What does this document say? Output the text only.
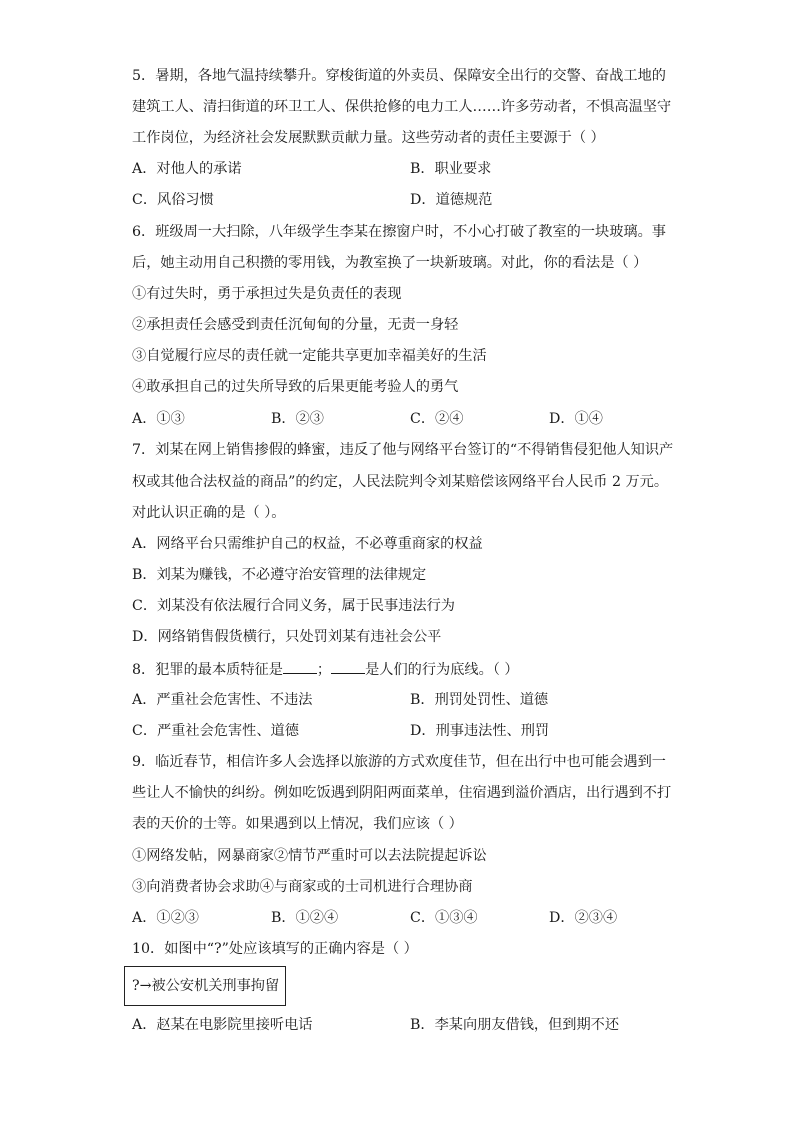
5．暑期，各地气温持续攀升。穿梭街道的外卖员、保障安全出行的交警、奋战工地的
建筑工人、清扫街道的环卫工人、保供抢修的电力工人……许多劳动者，不惧高温坚守
工作岗位，为经济社会发展默默贡献力量。这些劳动者的责任主要源于（ ）
A．对他人的承诺	B．职业要求
C．风俗习惯	D．道德规范
6．班级周一大扫除，八年级学生李某在擦窗户时，不小心打破了教室的一块玻璃。事
后，她主动用自己积攒的零用钱，为教室换了一块新玻璃。对此，你的看法是（ ）
①有过失时，勇于承担过失是负责任的表现
②承担责任会感受到责任沉甸甸的分量，无责一身轻
③自觉履行应尽的责任就一定能共享更加幸福美好的生活
④敢承担自己的过失所导致的后果更能考验人的勇气
A．①③	B．②③	C．②④	D．①④
7．刘某在网上销售掺假的蜂蜜，违反了他与网络平台签订的“不得销售侵犯他人知识产
权或其他合法权益的商品”的约定，人民法院判令刘某赔偿该网络平台人民币 2 万元。
对此认识正确的是（ ）。
A．网络平台只需维护自己的权益，不必尊重商家的权益
B．刘某为赚钱，不必遵守治安管理的法律规定
C．刘某没有依法履行合同义务，属于民事违法行为
D．网络销售假货横行，只处罚刘某有违社会公平
8．犯罪的最本质特征是 ； 是人们的行为底线。（ ）
A．严重社会危害性、不违法	B．刑罚处罚性、道德
C．严重社会危害性、道德	D．刑事违法性、刑罚
9．临近春节，相信许多人会选择以旅游的方式欢度佳节，但在出行中也可能会遇到一
些让人不愉快的纠纷。例如吃饭遇到阴阳两面菜单，住宿遇到溢价酒店，出行遇到不打
表的天价的士等。如果遇到以上情况，我们应该（ ）
①网络发帖，网暴商家②情节严重时可以去法院提起诉讼
③向消费者协会求助④与商家或的士司机进行合理协商
A．①②③	B．①②④	C．①③④	D．②③④
10．如图中“?”处应该填写的正确内容是（ ）
?→被公安机关刑事拘留
A．赵某在电影院里接听电话	B．李某向朋友借钱，但到期不还
